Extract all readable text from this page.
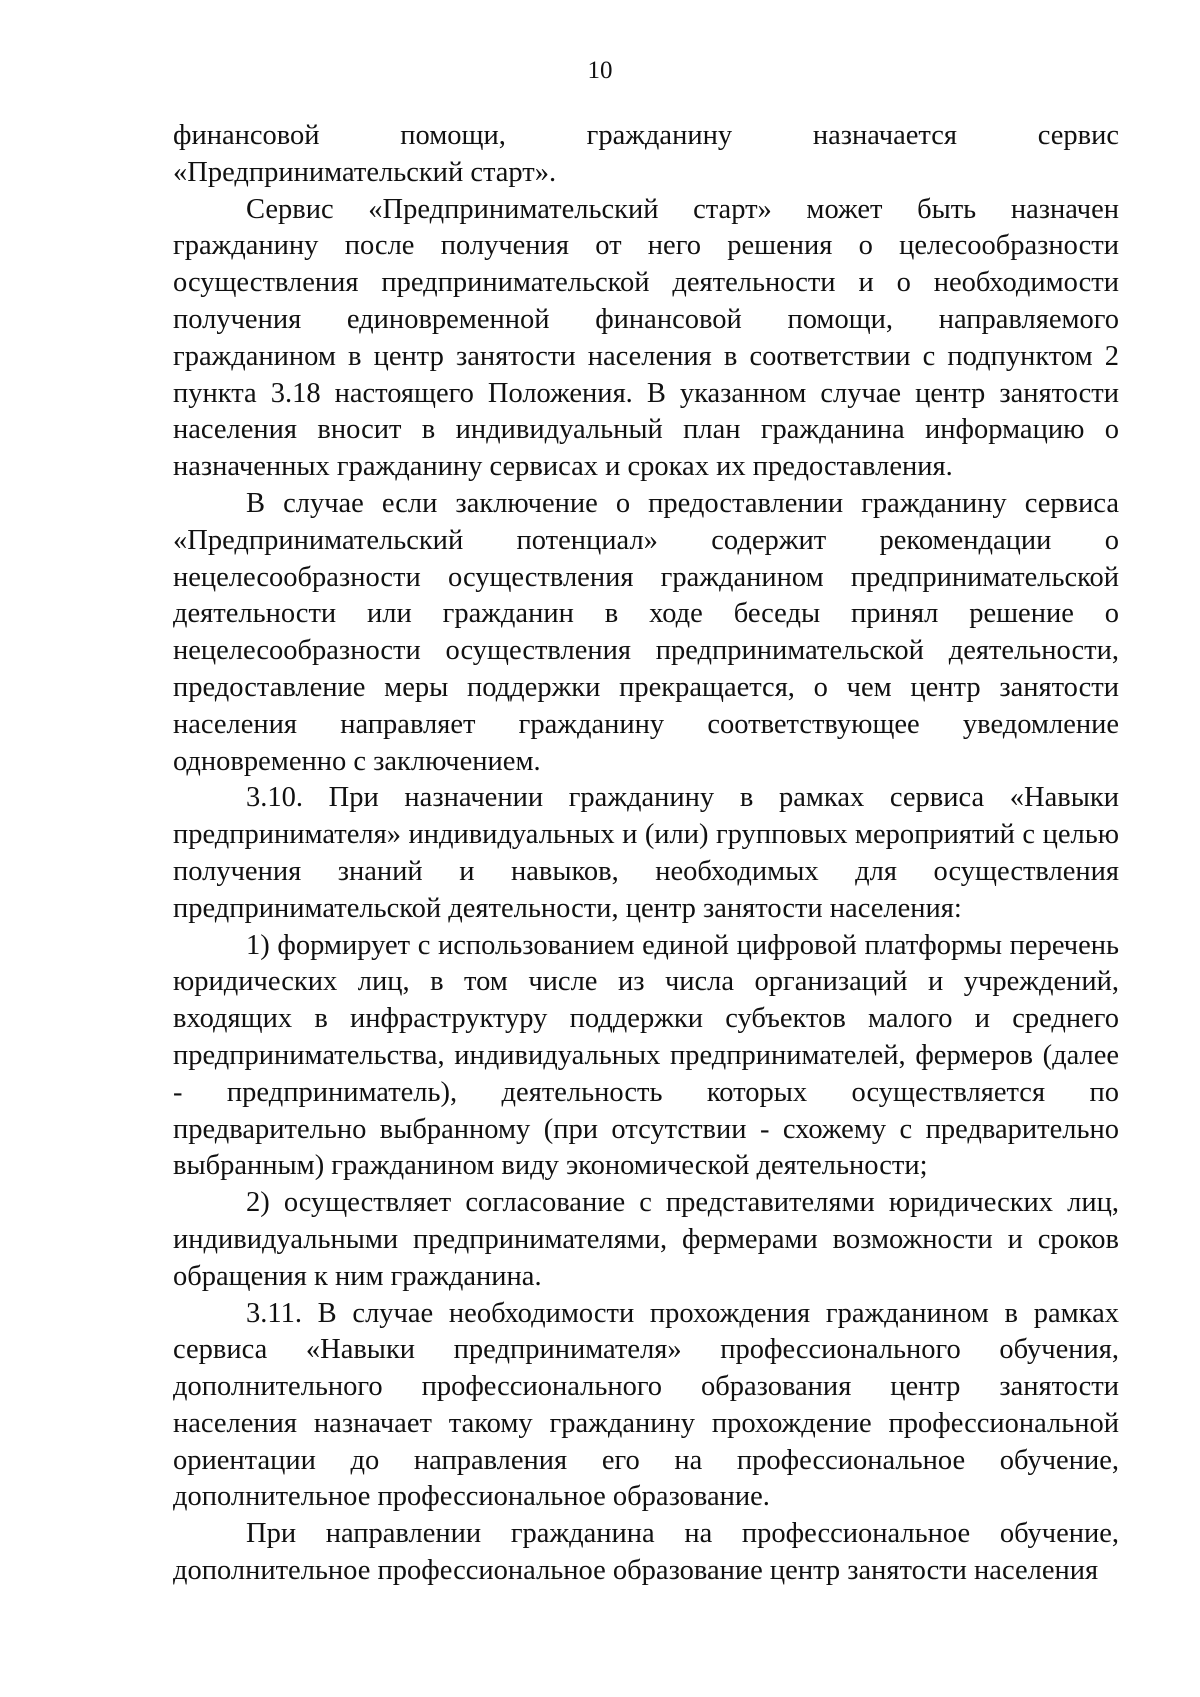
10

финансовой помощи, гражданину назначается сервис «Предпринимательский старт».

Сервис «Предпринимательский старт» может быть назначен гражданину после получения от него решения о целесообразности осуществления предпринимательской деятельности и о необходимости получения единовременной финансовой помощи, направляемого гражданином в центр занятости населения в соответствии с подпунктом 2 пункта 3.18 настоящего Положения. В указанном случае центр занятости населения вносит в индивидуальный план гражданина информацию о назначенных гражданину сервисах и сроках их предоставления.

В случае если заключение о предоставлении гражданину сервиса «Предпринимательский потенциал» содержит рекомендации о нецелесообразности осуществления гражданином предпринимательской деятельности или гражданин в ходе беседы принял решение о нецелесообразности осуществления предпринимательской деятельности, предоставление меры поддержки прекращается, о чем центр занятости населения направляет гражданину соответствующее уведомление одновременно с заключением.

3.10. При назначении гражданину в рамках сервиса «Навыки предпринимателя» индивидуальных и (или) групповых мероприятий с целью получения знаний и навыков, необходимых для осуществления предпринимательской деятельности, центр занятости населения:

1) формирует с использованием единой цифровой платформы перечень юридических лиц, в том числе из числа организаций и учреждений, входящих в инфраструктуру поддержки субъектов малого и среднего предпринимательства, индивидуальных предпринимателей, фермеров (далее - предприниматель), деятельность которых осуществляется по предварительно выбранному (при отсутствии - схожему с предварительно выбранным) гражданином виду экономической деятельности;

2) осуществляет согласование с представителями юридических лиц, индивидуальными предпринимателями, фермерами возможности и сроков обращения к ним гражданина.

3.11. В случае необходимости прохождения гражданином в рамках сервиса «Навыки предпринимателя» профессионального обучения, дополнительного профессионального образования центр занятости населения назначает такому гражданину прохождение профессиональной ориентации до направления его на профессиональное обучение, дополнительное профессиональное образование.

При направлении гражданина на профессиональное обучение, дополнительное профессиональное образование центр занятости населения
